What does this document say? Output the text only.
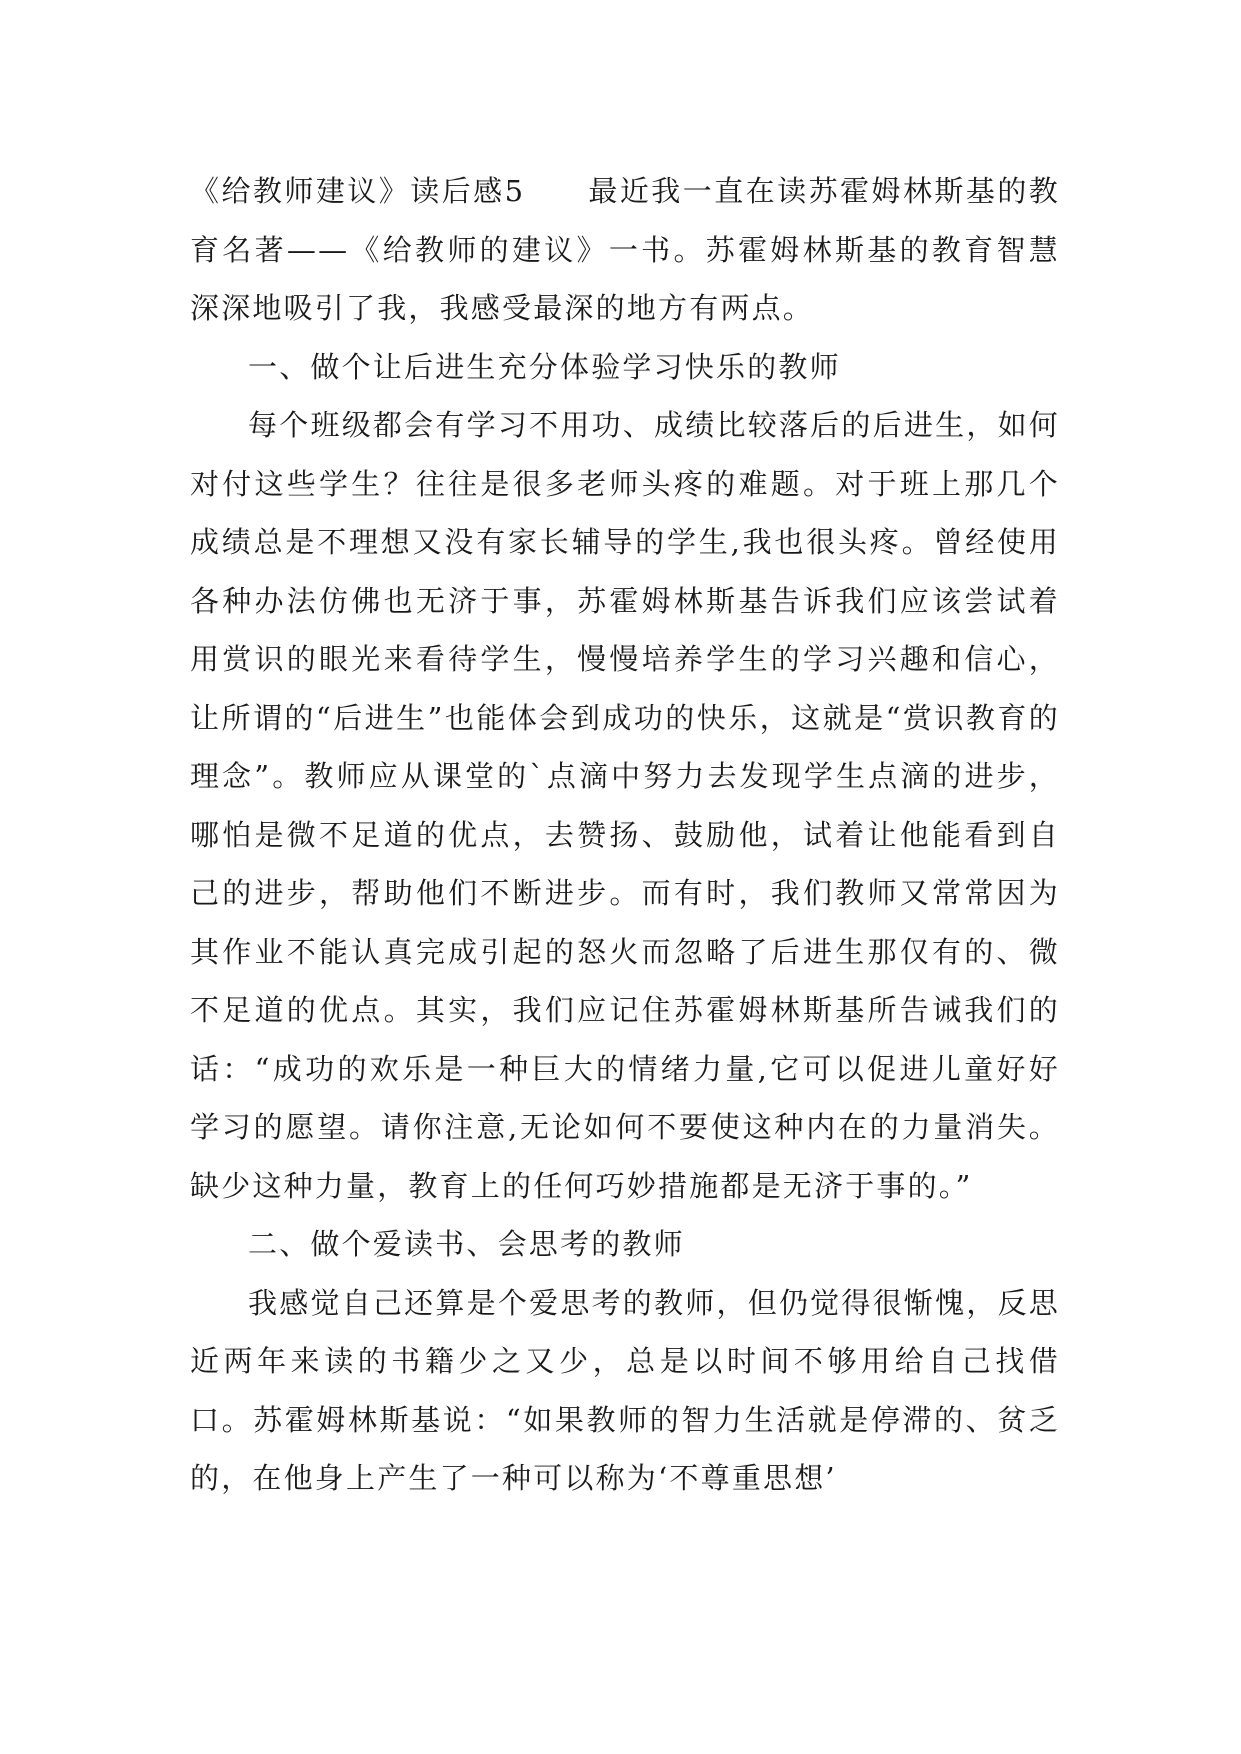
《给教师建议》读后感5　　最近我一直在读苏霍姆林斯基的教育名著——《给教师的建议》一书。苏霍姆林斯基的教育智慧深深地吸引了我，我感受最深的地方有两点。

一、做个让后进生充分体验学习快乐的教师

每个班级都会有学习不用功、成绩比较落后的后进生，如何对付这些学生？往往是很多老师头疼的难题。对于班上那几个成绩总是不理想又没有家长辅导的学生,我也很头疼。曾经使用各种办法仿佛也无济于事，苏霍姆林斯基告诉我们应该尝试着用赏识的眼光来看待学生，慢慢培养学生的学习兴趣和信心，让所谓的“后进生”也能体会到成功的快乐，这就是“赏识教育的理念”。教师应从课堂的`点滴中努力去发现学生点滴的进步，哪怕是微不足道的优点，去赞扬、鼓励他，试着让他能看到自己的进步，帮助他们不断进步。而有时，我们教师又常常因为其作业不能认真完成引起的怒火而忽略了后进生那仅有的、微不足道的优点。其实，我们应记住苏霍姆林斯基所告诫我们的话：“成功的欢乐是一种巨大的情绪力量,它可以促进儿童好好学习的愿望。请你注意,无论如何不要使这种内在的力量消失。缺少这种力量，教育上的任何巧妙措施都是无济于事的。”

二、做个爱读书、会思考的教师

我感觉自己还算是个爱思考的教师，但仍觉得很惭愧，反思近两年来读的书籍少之又少，总是以时间不够用给自己找借口。苏霍姆林斯基说：“如果教师的智力生活就是停滞的、贫乏的，在他身上产生了一种可以称为‘不尊重思想’
